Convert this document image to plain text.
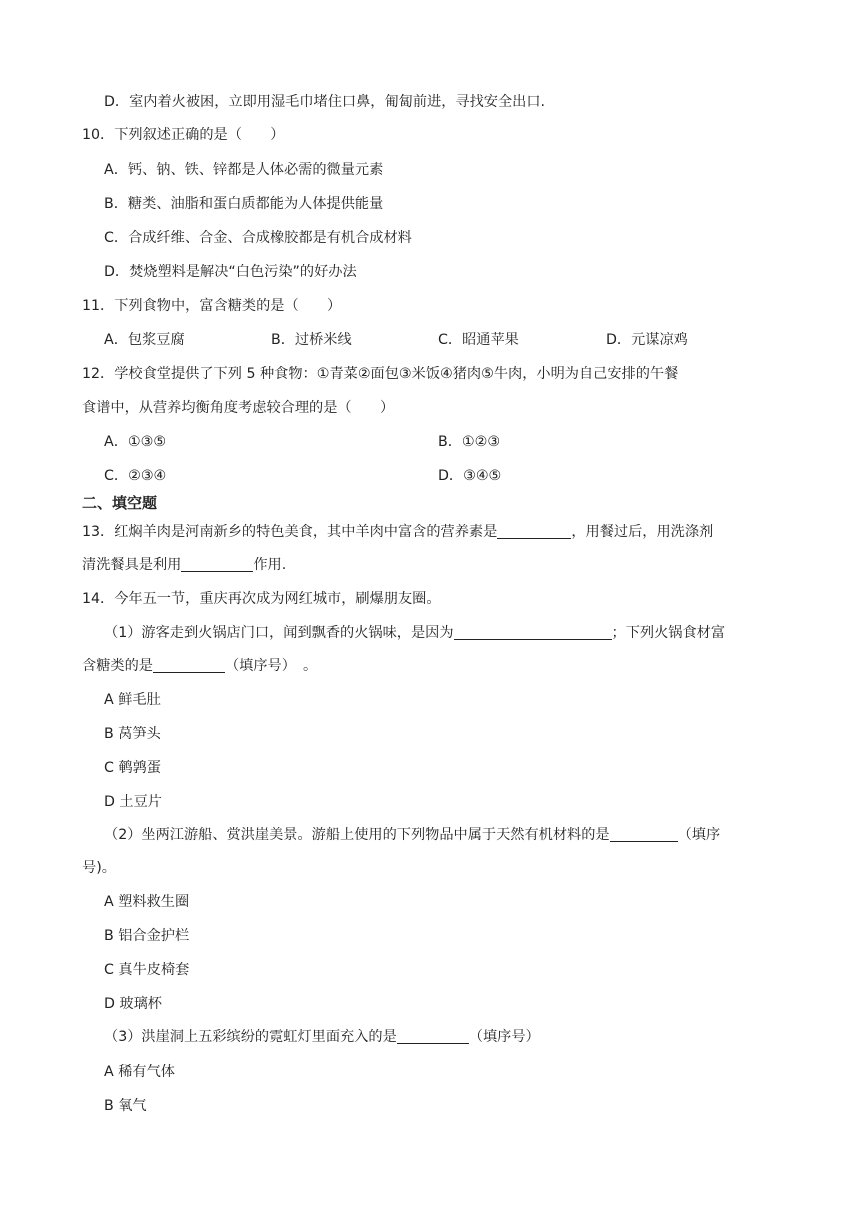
D．室内着火被困，立即用湿毛巾堵住口鼻，匍匐前进，寻找安全出口.
10．下列叙述正确的是（　　）
A．钙、钠、铁、锌都是人体必需的微量元素
B．糖类、油脂和蛋白质都能为人体提供能量
C．合成纤维、合金、合成橡胶都是有机合成材料
D．焚烧塑料是解决“白色污染”的好办法
11．下列食物中，富含糖类的是（　　）
A．包浆豆腐	B．过桥米线	C．昭通苹果	D．元谋凉鸡
12．学校食堂提供了下列 5 种食物：①青菜②面包③米饭④猪肉⑤牛肉，小明为自己安排的午餐
食谱中，从营养均衡角度考虑较合理的是（　　）
A．①③⑤	B．①②③
C．②③④	D．③④⑤
二、填空题
13．红焖羊肉是河南新乡的特色美食，其中羊肉中富含的营养素是	，用餐过后，用洗涤剂
清洗餐具是利用	作用.
14．今年五一节，重庆再次成为网红城市，刷爆朋友圈。
（1）游客走到火锅店门口，闻到飘香的火锅味，是因为	；下列火锅食材富
含糖类的是	（填序号）　。
A 鲜毛肚
B 莴笋头
C 鹌鹑蛋
D 土豆片
（2）坐两江游船、赏洪崖美景。游船上使用的下列物品中属于天然有机材料的是	（填序
号)。
A 塑料救生圈
B 铝合金护栏
C 真牛皮椅套
D 玻璃杯
（3）洪崖洞上五彩缤纷的霓虹灯里面充入的是	（填序号）
A 稀有气体
B 氧气
